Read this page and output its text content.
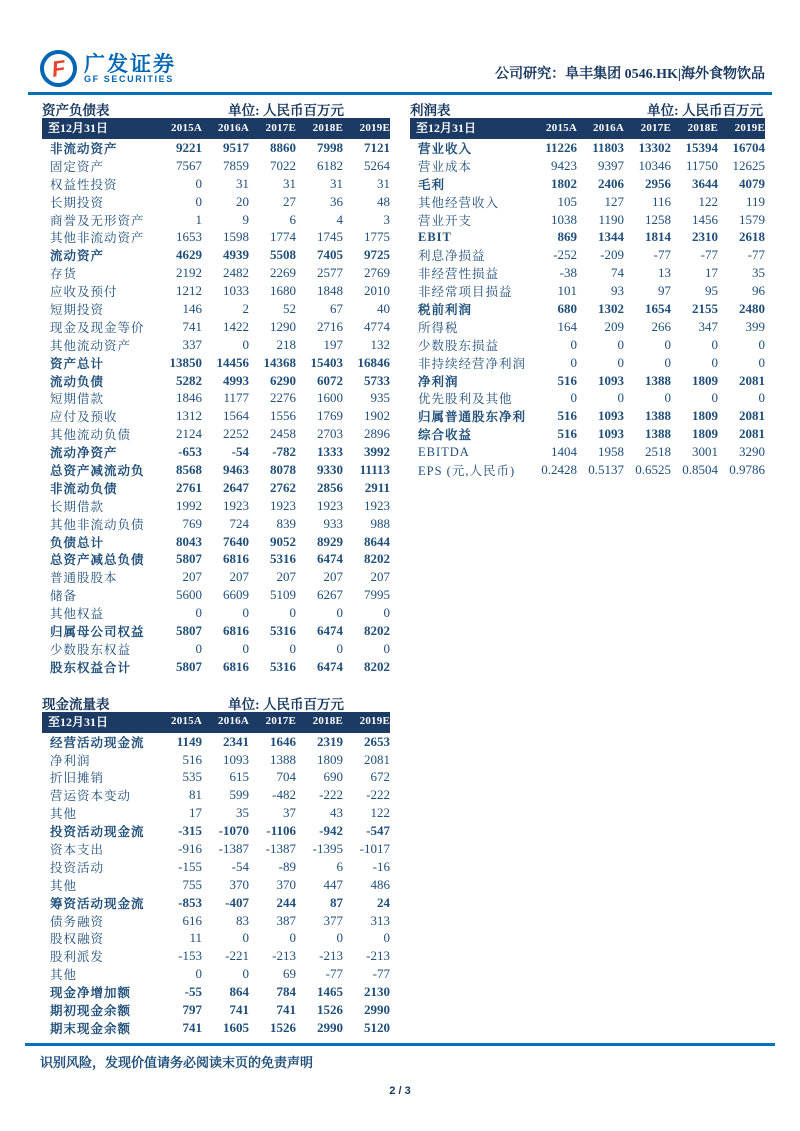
F 广发证券
GF SECURITIES	公司研究：阜丰集团 0546.HK|海外食物饮品
资产负债表	单位: 人民币百万元
至12月31日	2015A	2016A	2017E	2018E	2019E
非流动资产	9221	9517	8860	7998	7121
固定资产	7567	7859	7022	6182	5264
权益性投资	0	31	31	31	31
长期投资	0	20	27	36	48
商誉及无形资产	1	9	6	4	3
其他非流动资产	1653	1598	1774	1745	1775
流动资产	4629	4939	5508	7405	9725
存货	2192	2482	2269	2577	2769
应收及预付	1212	1033	1680	1848	2010
短期投资	146	2	52	67	40
现金及现金等价	741	1422	1290	2716	4774
其他流动资产	337	0	218	197	132
资产总计	13850	14456	14368	15403	16846
流动负债	5282	4993	6290	6072	5733
短期借款	1846	1177	2276	1600	935
应付及预收	1312	1564	1556	1769	1902
其他流动负债	2124	2252	2458	2703	2896
流动净资产	-653	-54	-782	1333	3992
总资产减流动负	8568	9463	8078	9330	11113
非流动负债	2761	2647	2762	2856	2911
长期借款	1992	1923	1923	1923	1923
其他非流动负债	769	724	839	933	988
负债总计	8043	7640	9052	8929	8644
总资产减总负债	5807	6816	5316	6474	8202
普通股股本	207	207	207	207	207
储备	5600	6609	5109	6267	7995
其他权益	0	0	0	0	0
归属母公司权益	5807	6816	5316	6474	8202
少数股东权益	0	0	0	0	0
股东权益合计	5807	6816	5316	6474	8202
现金流量表	单位: 人民币百万元
至12月31日	2015A	2016A	2017E	2018E	2019E
经营活动现金流	1149	2341	1646	2319	2653
净利润	516	1093	1388	1809	2081
折旧摊销	535	615	704	690	672
营运资本变动	81	599	-482	-222	-222
其他	17	35	37	43	122
投资活动现金流	-315	-1070	-1106	-942	-547
资本支出	-916	-1387	-1387	-1395	-1017
投资活动	-155	-54	-89	6	-16
其他	755	370	370	447	486
筹资活动现金流	-853	-407	244	87	24
债务融资	616	83	387	377	313
股权融资	11	0	0	0	0
股利派发	-153	-221	-213	-213	-213
其他	0	0	69	-77	-77
现金净增加额	-55	864	784	1465	2130
期初现金余额	797	741	741	1526	2990
期末现金余额	741	1605	1526	2990	5120
利润表	单位: 人民币百万元
至12月31日	2015A	2016A	2017E	2018E	2019E
营业收入	11226	11803	13302	15394	16704
营业成本	9423	9397	10346	11750	12625
毛利	1802	2406	2956	3644	4079
其他经营收入	105	127	116	122	119
营业开支	1038	1190	1258	1456	1579
EBIT	869	1344	1814	2310	2618
利息净损益	-252	-209	-77	-77	-77
非经营性损益	-38	74	13	17	35
非经常项目损益	101	93	97	95	96
税前利润	680	1302	1654	2155	2480
所得税	164	209	266	347	399
少数股东损益	0	0	0	0	0
非持续经营净利润	0	0	0	0	0
净利润	516	1093	1388	1809	2081
优先股利及其他	0	0	0	0	0
归属普通股东净利	516	1093	1388	1809	2081
综合收益	516	1093	1388	1809	2081
EBITDA	1404	1958	2518	3001	3290
EPS (元,人民币)	0.2428 0.5137 0.6525 0.8504 0.9786
识别风险，发现价值请务必阅读末页的免责声明
2 / 3
